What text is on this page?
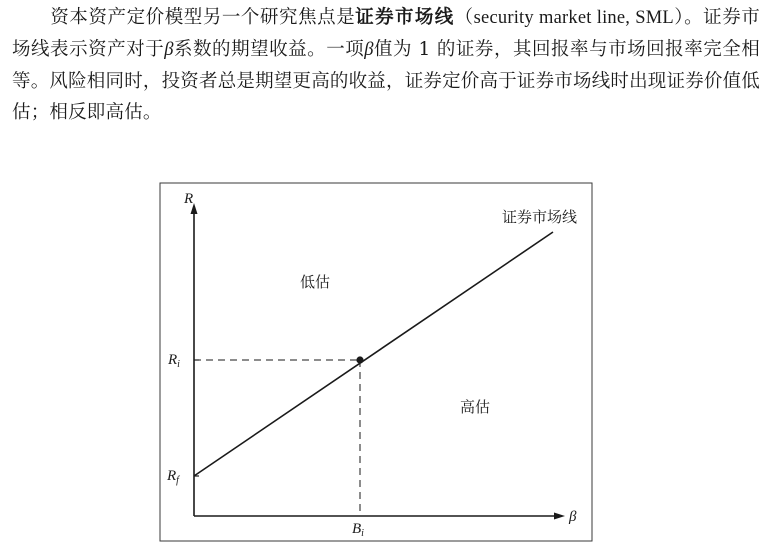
资本资产定价模型另一个研究焦点是证券市场线（security market line, SML）。证券市场线表示资产对于β系数的期望收益。一项β值为 1 的证券，其回报率与市场回报率完全相等。风险相同时，投资者总是期望更高的收益，证券定价高于证券市场线时出现证券价值低估；相反即高估。
R
β
证券市场线
低估
高估
Ri
Rf
Bi
